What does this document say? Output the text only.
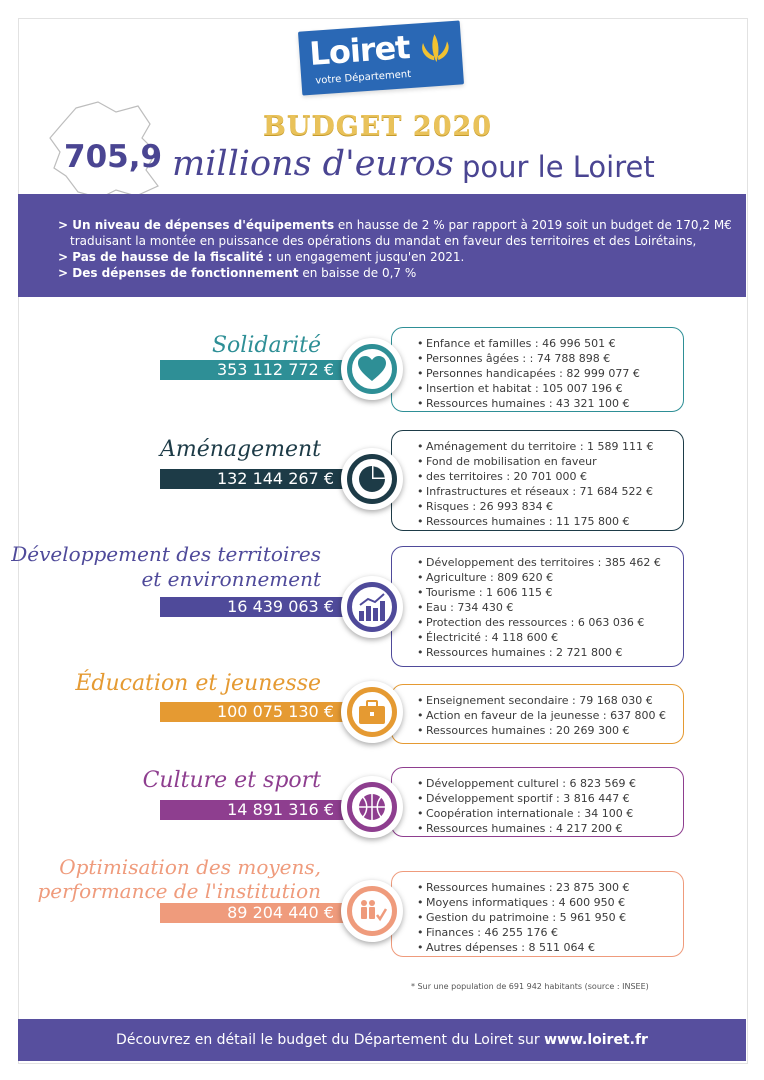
Loiret
votre Département
BUDGET 2020
705,9 millions d'euros pour le Loiret
> Un niveau de dépenses d'équipements en hausse de 2 % par rapport à 2019 soit un budget de 170,2 M€
traduisant la montée en puissance des opérations du mandat en faveur des territoires et des Loirétains,
> Pas de hausse de la fiscalité : un engagement jusqu'en 2021.
> Des dépenses de fonctionnement en baisse de 0,7 %
Solidarité
353 112 772 €
• Enfance et familles : 46 996 501 €
• Personnes âgées : : 74 788 898 €
• Personnes handicapées : 82 999 077 €
• Insertion et habitat : 105 007 196 €
• Ressources humaines : 43 321 100 €
Aménagement
132 144 267 €
• Aménagement du territoire : 1 589 111 €
• Fond de mobilisation en faveur
• des territoires : 20 701 000 €
• Infrastructures et réseaux : 71 684 522 €
• Risques : 26 993 834 €
• Ressources humaines : 11 175 800 €
Développement des territoires
et environnement
16 439 063 €
• Développement des territoires : 385 462 €
• Agriculture : 809 620 €
• Tourisme : 1 606 115 €
• Eau : 734 430 €
• Protection des ressources : 6 063 036 €
• Électricité : 4 118 600 €
• Ressources humaines : 2 721 800 €
Éducation et jeunesse
100 075 130 €
• Enseignement secondaire : 79 168 030 €
• Action en faveur de la jeunesse : 637 800 €
• Ressources humaines : 20 269 300 €
Culture et sport
14 891 316 €
• Développement culturel : 6 823 569 €
• Développement sportif : 3 816 447 €
• Coopération internationale : 34 100 €
• Ressources humaines : 4 217 200 €
Optimisation des moyens,
performance de l'institution
89 204 440 €
• Ressources humaines : 23 875 300 €
• Moyens informatiques : 4 600 950 €
• Gestion du patrimoine : 5 961 950 €
• Finances : 46 255 176 €
• Autres dépenses : 8 511 064 €
* Sur une population de 691 942 habitants (source : INSEE)
Découvrez en détail le budget du Département du Loiret sur www.loiret.fr
